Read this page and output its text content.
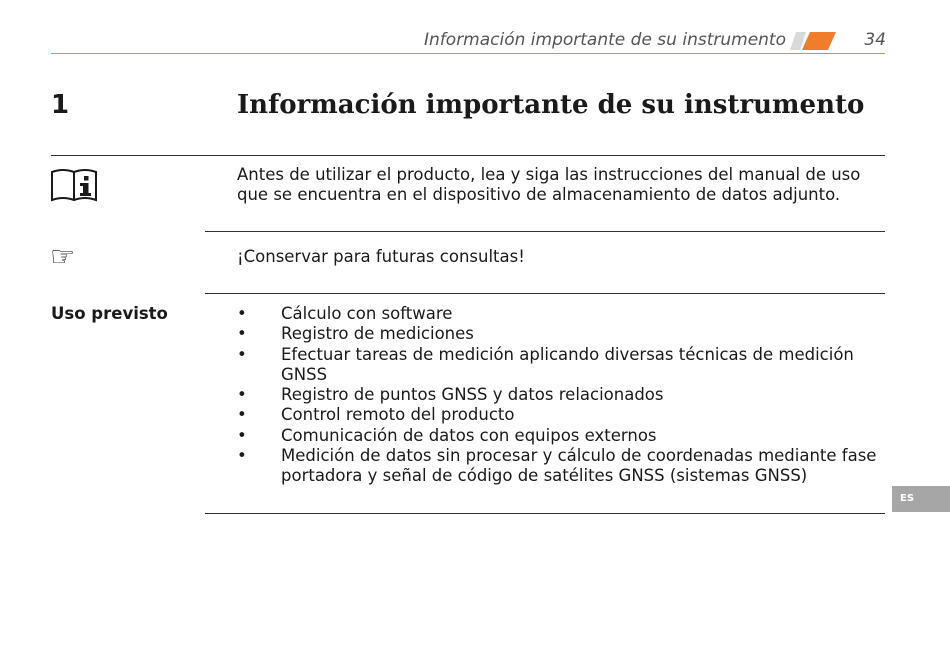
Información importante de su instrumento	34
1	Información importante de su instrumento
Antes de utilizar el producto, lea y siga las instrucciones del manual de uso que se encuentra en el dispositivo de almacenamiento de datos adjunto.
☞	¡Conservar para futuras consultas!
Uso previsto	• Cálculo con software
• Registro de mediciones
• Efectuar tareas de medición aplicando diversas técnicas de medición GNSS
• Registro de puntos GNSS y datos relacionados
• Control remoto del producto
• Comunicación de datos con equipos externos
• Medición de datos sin procesar y cálculo de coordenadas mediante fase portadora y señal de código de satélites GNSS (sistemas GNSS)
ES
